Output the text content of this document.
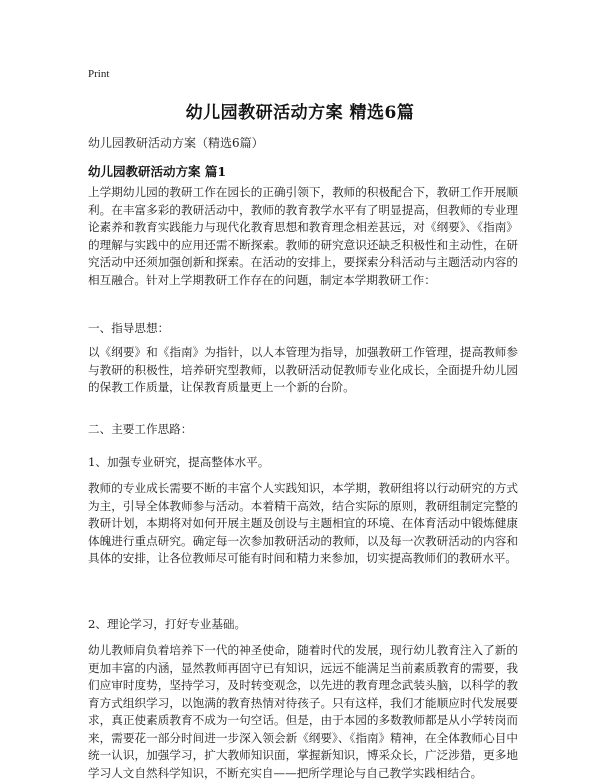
Print
幼儿园教研活动方案 精选6篇
幼儿园教研活动方案（精选6篇）
幼儿园教研活动方案 篇1
上学期幼儿园的教研工作在园长的正确引领下，教师的积极配合下，教研工作开展顺利。在丰富多彩的教研活动中，教师的教育教学水平有了明显提高，但教师的专业理论素养和教育实践能力与现代化教育思想和教育理念相差甚远，对《纲要》、《指南》的理解与实践中的应用还需不断探索。教师的研究意识还缺乏积极性和主动性，在研究活动中还须加强创新和探索。在活动的安排上，要探索分科活动与主题活动内容的相互融合。针对上学期教研工作存在的问题，制定本学期教研工作：
一、指导思想：
以《纲要》和《指南》为指针，以人本管理为指导，加强教研工作管理，提高教师参与教研的积极性，培养研究型教师，以教研活动促教师专业化成长，全面提升幼儿园的保教工作质量，让保教育质量更上一个新的台阶。
二、主要工作思路：
1、加强专业研究，提高整体水平。
教师的专业成长需要不断的丰富个人实践知识，本学期，教研组将以行动研究的方式为主，引导全体教师参与活动。本着精干高效，结合实际的原则，教研组制定完整的教研计划，本期将对如何开展主题及创设与主题相宜的环境、在体育活动中锻炼健康体魄进行重点研究。确定每一次参加教研活动的教师，以及每一次教研活动的内容和具体的安排，让各位教师尽可能有时间和精力来参加，切实提高教师们的教研水平。
2、理论学习，打好专业基础。
幼儿教师肩负着培养下一代的神圣使命，随着时代的发展，现行幼儿教育注入了新的更加丰富的内涵，显然教师再固守已有知识，远远不能满足当前素质教育的需要，我们应审时度势，坚持学习，及时转变观念，以先进的教育理念武装头脑，以科学的教育方式组织学习，以饱满的教育热情对待孩子。只有这样，我们才能顺应时代发展要求，真正使素质教育不成为一句空话。但是，由于本园的多数教师都是从小学转岗而来，需要花一部分时间进一步深入领会新《纲要》、《指南》精神，在全体教师心目中统一认识，加强学习，扩大教师知识面，掌握新知识，博采众长，广泛涉猎，更多地学习人文自然科学知识，不断充实自——把所学理论与自己教学实践相结合。
